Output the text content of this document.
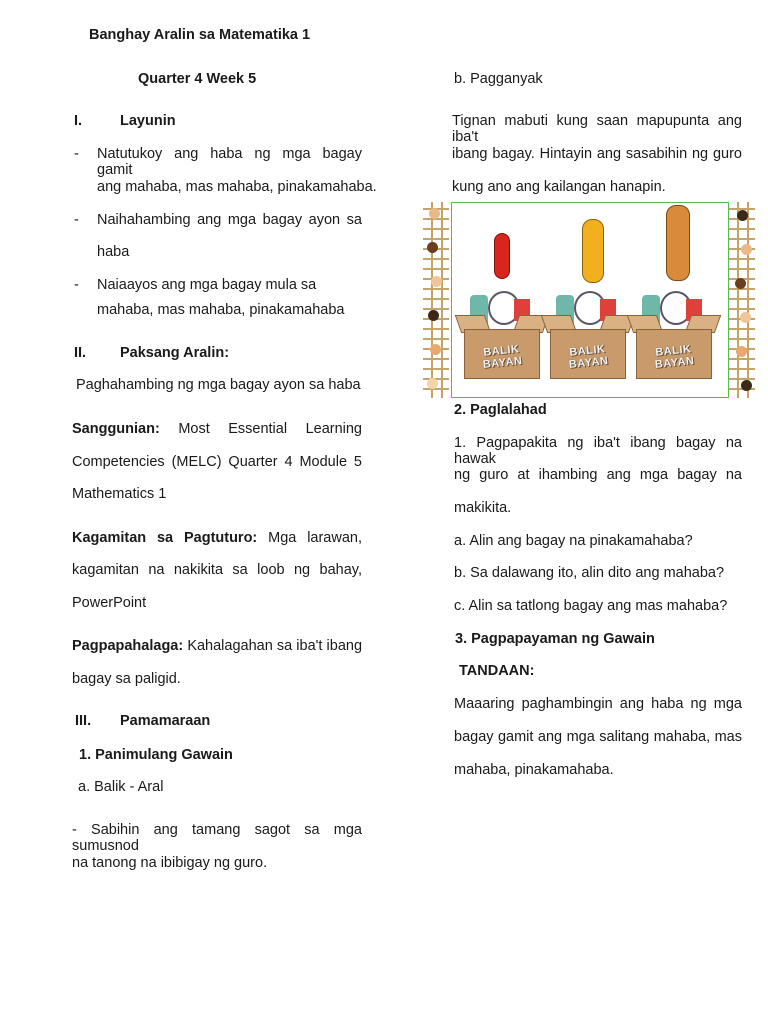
Banghay Aralin sa Matematika 1
Quarter 4 Week 5
I.	Layunin
- Natutukoy ang haba ng mga bagay gamit
ang mahaba, mas mahaba, pinakamahaba.
- Naihahambing ang mga bagay ayon sa
haba
- Naiaayos ang mga bagay mula sa
mahaba, mas mahaba, pinakamahaba
II. Paksang Aralin:
Paghahambing ng mga bagay ayon sa haba
Sanggunian: Most Essential Learning
Competencies (MELC) Quarter 4 Module 5
Mathematics 1
Kagamitan sa Pagtuturo: Mga larawan,
kagamitan na nakikita sa loob ng bahay,
PowerPoint
Pagpapahalaga: Kahalagahan sa iba't ibang
bagay sa paligid.
III. Pamamaraan
1. Panimulang Gawain
a. Balik - Aral
- Sabihin ang tamang sagot sa mga sumusnod
na tanong na ibibigay ng guro.
b. Pagganyak
Tignan mabuti kung saan mapupunta ang iba't
ibang bagay. Hintayin ang sasabihin ng guro
kung ano ang kailangan hanapin.
BALIK BAYAN
BALIK BAYAN
BALIK BAYAN
2. Paglalahad
1. Pagpapakita ng iba't ibang bagay na hawak
ng guro at ihambing ang mga bagay na
makikita.
a. Alin ang bagay na pinakamahaba?
b. Sa dalawang ito, alin dito ang mahaba?
c. Alin sa tatlong bagay ang mas mahaba?
3. Pagpapayaman ng Gawain
TANDAAN:
Maaaring paghambingin ang haba ng mga
bagay gamit ang mga salitang mahaba, mas
mahaba, pinakamahaba.
